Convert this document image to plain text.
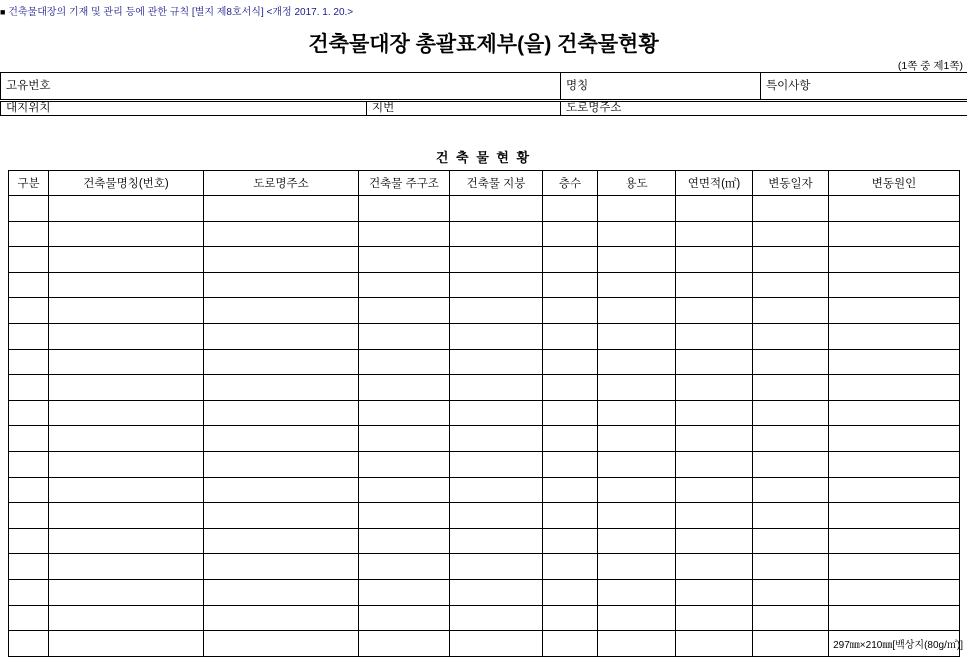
■ 건축물대장의 기재 및 관리 등에 관한 규칙 [별지 제8호서식] <개정 2017. 1. 20.>
건축물대장 총괄표제부(을) 건축물현황
(1쪽 중 제1쪽)
고유번호	명칭	특이사항
대지위치	지번	도로명주소
건 축 물 현 황
구분	건축물명칭(번호)	도로명주소	건축물 주구조	건축물 지붕	층수	용도	연면적(㎡)	변동일자	변동원인

297㎜×210㎜[백상지(80g/㎡)]
